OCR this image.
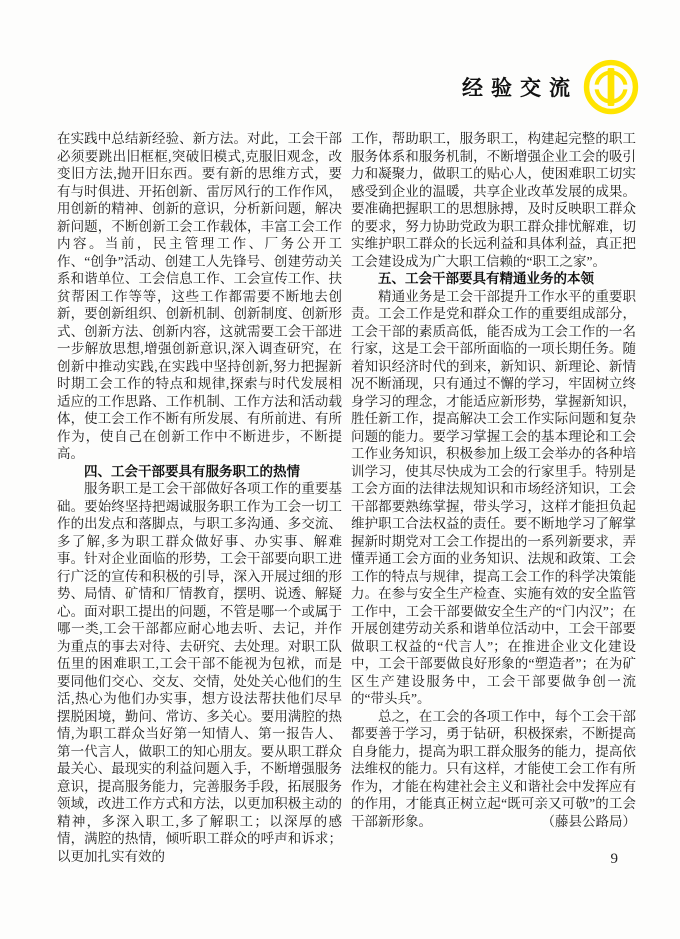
经验交流

在实践中总结新经验、新方法。对此，工会干部必须要跳出旧框框,突破旧模式,克服旧观念，改变旧方法,抛开旧东西。要有新的思维方式，要有与时俱进、开拓创新、雷厉风行的工作作风，用创新的精神、创新的意识，分析新问题，解决新问题，不断创新工会工作载体，丰富工会工作内容。当前，民主管理工作、厂务公开工作、“创争”活动、创建工人先锋号、创建劳动关系和谐单位、工会信息工作、工会宣传工作、扶贫帮困工作等等，这些工作都需要不断地去创新，要创新组织、创新机制、创新制度、创新形式、创新方法、创新内容，这就需要工会干部进一步解放思想,增强创新意识,深入调查研究，在创新中推动实践,在实践中坚持创新,努力把握新时期工会工作的特点和规律,探索与时代发展相适应的工作思路、工作机制、工作方法和活动载体，使工会工作不断有所发展、有所前进、有所作为，使自己在创新工作中不断进步，不断提高。

四、工会干部要具有服务职工的热情

服务职工是工会干部做好各项工作的重要基础。要始终坚持把竭诚服务职工作为工会一切工作的出发点和落脚点，与职工多沟通、多交流、多了解,多为职工群众做好事、办实事、解难事。针对企业面临的形势，工会干部要向职工进行广泛的宣传和积极的引导，深入开展过细的形势、局情、矿情和厂情教育，摆明、说透、解疑心。面对职工提出的问题，不管是哪一个或属于哪一类,工会干部都应耐心地去听、去记，并作为重点的事去对待、去研究、去处理。对职工队伍里的困难职工,工会干部不能视为包袱，而是要同他们交心、交友、交情，处处关心他们的生活,热心为他们办实事，想方设法帮扶他们尽早摆脱困境，勤问、常访、多关心。要用满腔的热情,为职工群众当好第一知情人、第一报告人、第一代言人，做职工的知心朋友。要从职工群众最关心、最现实的利益问题入手，不断增强服务意识，提高服务能力，完善服务手段，拓展服务领域，改进工作方式和方法，以更加积极主动的精神，多深入职工,多了解职工；以深厚的感情，满腔的热情，倾听职工群众的呼声和诉求；以更加扎实有效的

工作，帮助职工，服务职工，构建起完整的职工服务体系和服务机制，不断增强企业工会的吸引力和凝聚力，做职工的贴心人，使困难职工切实感受到企业的温暖，共享企业改革发展的成果。要准确把握职工的思想脉搏，及时反映职工群众的要求，努力协助党政为职工群众排忧解难，切实维护职工群众的长远利益和具体利益，真正把工会建设成为广大职工信赖的“职工之家”。

五、工会干部要具有精通业务的本领

精通业务是工会干部提升工作水平的重要职责。工会工作是党和群众工作的重要组成部分，工会干部的素质高低，能否成为工会工作的一名行家，这是工会干部所面临的一项长期任务。随着知识经济时代的到来，新知识、新理论、新情况不断涌现，只有通过不懈的学习，牢固树立终身学习的理念，才能适应新形势，掌握新知识，胜任新工作，提高解决工会工作实际问题和复杂问题的能力。要学习掌握工会的基本理论和工会工作业务知识，积极参加上级工会举办的各种培训学习，使其尽快成为工会的行家里手。特别是工会方面的法律法规知识和市场经济知识，工会干部都要熟练掌握，带头学习，这样才能担负起维护职工合法权益的责任。要不断地学习了解掌握新时期党对工会工作提出的一系列新要求，弄懂弄通工会方面的业务知识、法规和政策、工会工作的特点与规律，提高工会工作的科学决策能力。在参与安全生产检查、实施有效的安全监管工作中，工会干部要做安全生产的“门内汉”；在开展创建劳动关系和谐单位活动中，工会干部要做职工权益的“代言人”；在推进企业文化建设中，工会干部要做良好形象的“塑造者”；在为矿区生产建设服务中，工会干部要做争创一流的“带头兵”。

总之，在工会的各项工作中，每个工会干部都要善于学习，勇于钻研，积极探索，不断提高自身能力，提高为职工群众服务的能力，提高依法维权的能力。只有这样，才能使工会工作有所作为，才能在构建社会主义和谐社会中发挥应有的作用，才能真正树立起“既可亲又可敬”的工会干部新形象。	（藤县公路局）

9
